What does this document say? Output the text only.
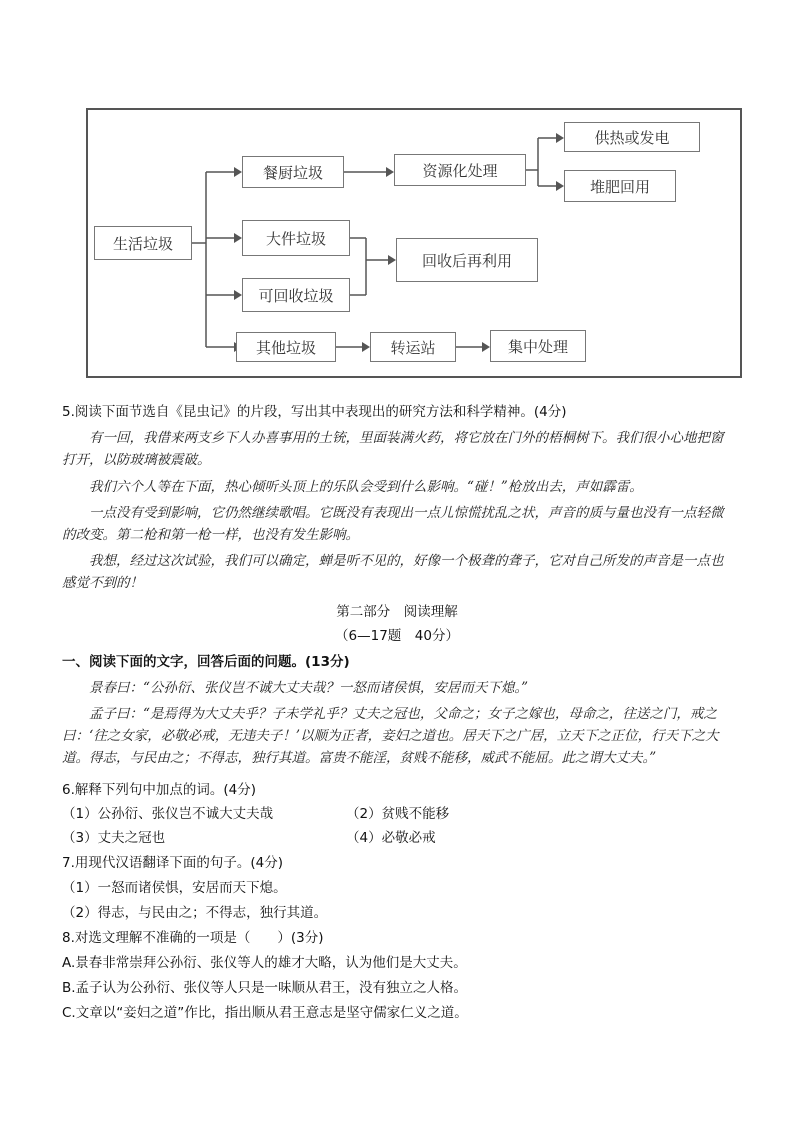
生活垃圾
餐厨垃圾
大件垃圾
可回收垃圾
其他垃圾
资源化处理
供热或发电
堆肥回用
回收后再利用
转运站	集中处理
5.阅读下面节选自《昆虫记》的片段，写出其中表现出的研究方法和科学精神。(4分)
有一回，我借来两支乡下人办喜事用的土铳，里面装满火药，将它放在门外的梧桐树下。我们很小心地把窗打开，以防玻璃被震破。
我们六个人等在下面，热心倾听头顶上的乐队会受到什么影响。“碰！”枪放出去，声如霹雷。
一点没有受到影响，它仍然继续歌唱。它既没有表现出一点儿惊慌扰乱之状，声音的质与量也没有一点轻微的改变。第二枪和第一枪一样，也没有发生影响。
我想，经过这次试验，我们可以确定，蝉是听不见的，好像一个极聋的聋子，它对自己所发的声音是一点也感觉不到的！
第二部分　阅读理解
（6—17题　40分）
一、阅读下面的文字，回答后面的问题。(13分)
景春曰：“公孙衍、张仪岂不诚大丈夫哉？一怒而诸侯惧，安居而天下熄。”
孟子曰：“是焉得为大丈夫乎？子未学礼乎？丈夫之冠也，父命之；女子之嫁也，母命之，往送之门，戒之曰：‘往之女家，必敬必戒，无违夫子！’以顺为正者，妾妇之道也。居天下之广居，立天下之正位，行天下之大道。得志，与民由之；不得志，独行其道。富贵不能淫，贫贱不能移，威武不能屈。此之谓大丈夫。”
6.解释下列句中加点的词。(4分)
（1）公孙衍、张仪岂不诚大丈夫哉	（2）贫贱不能移
（3）丈夫之冠也	（4）必敬必戒
7.用现代汉语翻译下面的句子。(4分)
（1）一怒而诸侯惧，安居而天下熄。
（2）得志，与民由之；不得志，独行其道。
8.对选文理解不准确的一项是（　　）(3分)
A.景春非常崇拜公孙衍、张仪等人的雄才大略，认为他们是大丈夫。
B.孟子认为公孙衍、张仪等人只是一味顺从君王，没有独立之人格。
C.文章以“妾妇之道”作比，指出顺从君王意志是坚守儒家仁义之道。
